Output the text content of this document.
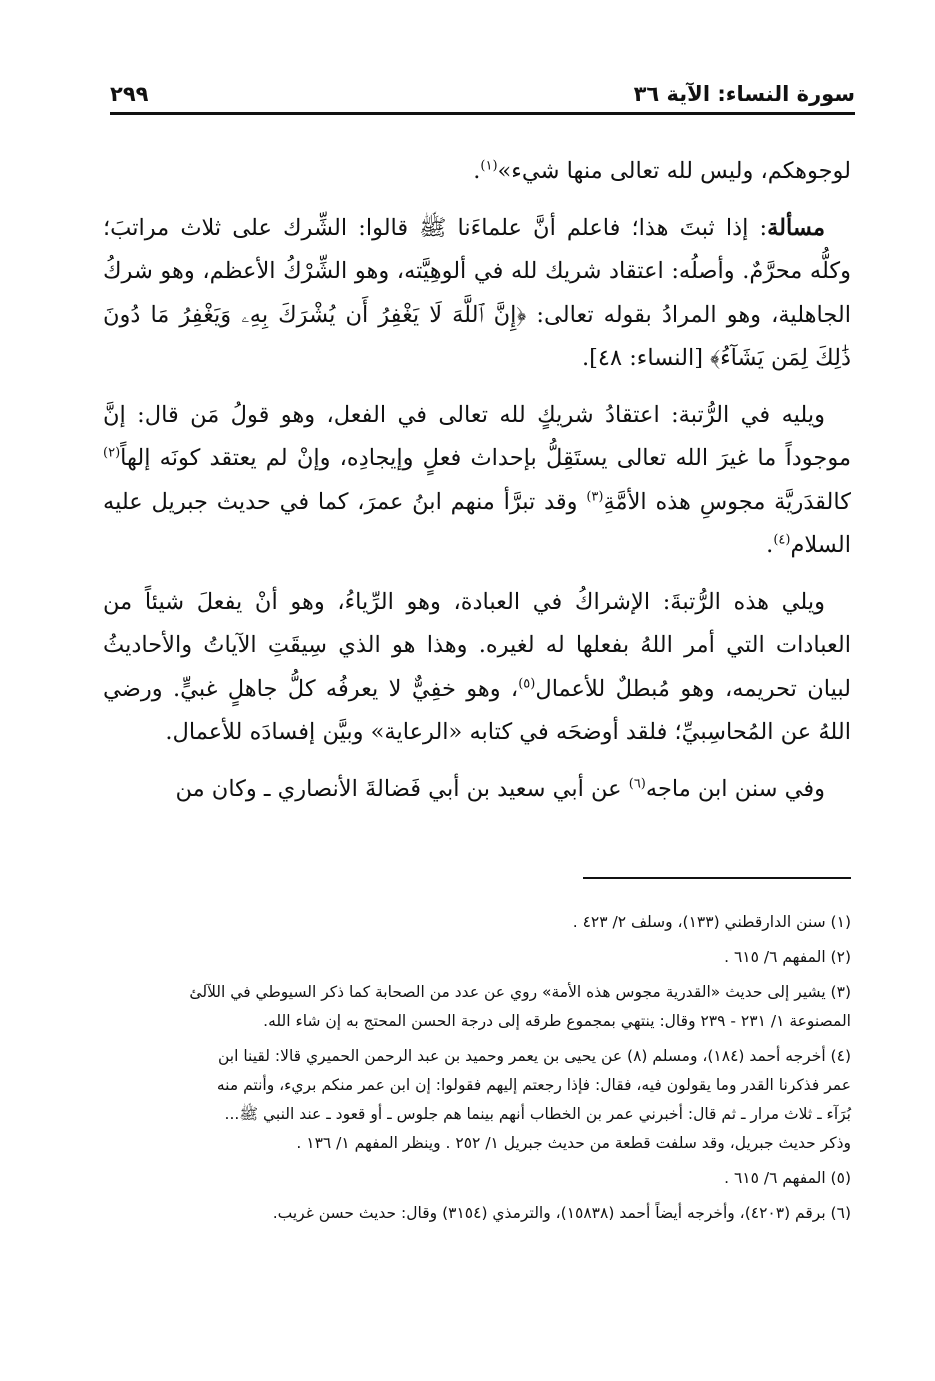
سورة النساء: الآية ٣٦
٢٩٩

لوجوهكم، وليس لله تعالى منها شيء»$^{(١)}$.

مسألة: إذا ثبتَ هذا؛ فاعلم أنَّ علماءَنا ﷺ قالوا: الشِّرك على ثلاث مراتبَ؛ وكلُّه محرَّمٌ. وأصلُه: اعتقاد شريك لله في ألوهِيَّته، وهو الشِّرْكُ الأعظم، وهو شركُ الجاهلية، وهو المرادُ بقوله تعالى: ﴿إِنَّ ٱللَّهَ لَا يَغْفِرُ أَن يُشْرَكَ بِهِۦ وَيَغْفِرُ مَا دُونَ ذَٰلِكَ لِمَن يَشَآءُ﴾ [النساء: ٤٨].

ويليه في الرُّتبة: اعتقادُ شريكٍ لله تعالى في الفعل، وهو قولُ مَن قال: إنَّ موجوداً ما غيرَ الله تعالى يستَقِلُّ بإحداث فعلٍ وإيجادِه، وإنْ لم يعتقد كونَه إلهاً$^{(٢)}$ كالقدَريَّة مجوسِ هذه الأمَّةِ$^{(٣)}$ وقد تبرَّأ منهم ابنُ عمرَ، كما في حديث جبريل عليه السلام$^{(٤)}$.

ويلي هذه الرُّتبةَ: الإشراكُ في العبادة، وهو الرِّياءُ، وهو أنْ يفعلَ شيئاً من العبادات التي أمر اللهُ بفعلها له لغيره. وهذا هو الذي سِيقَتِ الآياتُ والأحاديثُ لبيان تحريمه، وهو مُبطلٌ للأعمال$^{(٥)}$، وهو خفِيٌّ لا يعرفُه كلُّ جاهلٍ غبيٍّ. ورضي اللهُ عن المُحاسِبيِّ؛ فلقد أوضحَه في كتابه «الرعاية» وبيَّن إفسادَه للأعمال.

وفي سنن ابن ماجه$^{(٦)}$ عن أبي سعيد بن أبي فَضالةَ الأنصاري ـ وكان من

(١) سنن الدارقطني (١٣٣)، وسلف ٢/ ٤٢٣ .

(٢) المفهم ٦/ ٦١٥ .

(٣) يشير إلى حديث «القدرية مجوس هذه الأمة» روي عن عدد من الصحابة كما ذكر السيوطي في اللآلئ
المصنوعة ١/ ٢٣١ - ٢٣٩ وقال: ينتهي بمجموع طرقه إلى درجة الحسن المحتج به إن شاء الله.

(٤) أخرجه أحمد (١٨٤)، ومسلم (٨) عن يحيى بن يعمر وحميد بن عبد الرحمن الحميري قالا: لقينا ابن
عمر فذكرنا القدر وما يقولون فيه، فقال: فإذا رجعتم إليهم فقولوا: إن ابن عمر منكم بريء، وأنتم منه
بُرَآء ـ ثلاث مرار ـ ثم قال: أخبرني عمر بن الخطاب أنهم بينما هم جلوس ـ أو قعود ـ عند النبي ﷺ...
وذكر حديث جبريل، وقد سلفت قطعة من حديث جبريل ١/ ٢٥٢ . وينظر المفهم ١/ ١٣٦ .

(٥) المفهم ٦/ ٦١٥ .

(٦) برقم (٤٢٠٣)، وأخرجه أيضاً أحمد (١٥٨٣٨)، والترمذي (٣١٥٤) وقال: حديث حسن غريب.
